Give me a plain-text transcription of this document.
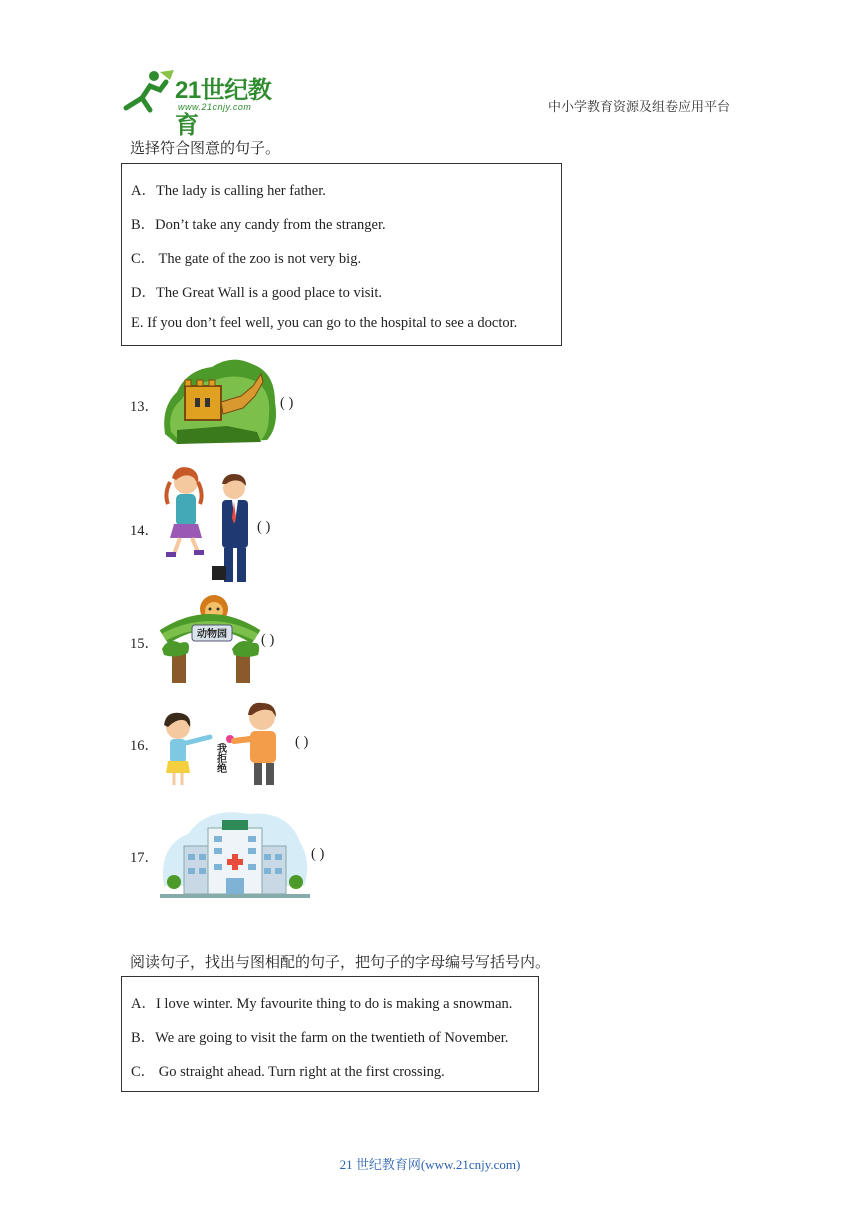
21世纪教育
www.21cnjy.com	中小学教育资源及组卷应用平台
选择符合图意的句子。
A．The lady is calling her father.
B．Don’t take any candy from the stranger.
C． The gate of the zoo is not very big.
D．The Great Wall is a good place to visit.
E. If you don’t feel well, you can go to the hospital to see a doctor.
13．	( )
14．	( )
15．
动物园 ( )
16．	我拒绝
( )
17．	( )
阅读句子，找出与图相配的句子，把句子的字母编号写括号内。
A．I love winter. My favourite thing to do is making a snowman.
B．We are going to visit the farm on the twentieth of November.
C． Go straight ahead. Turn right at the first crossing.
21 世纪教育网(www.21cnjy.com)
